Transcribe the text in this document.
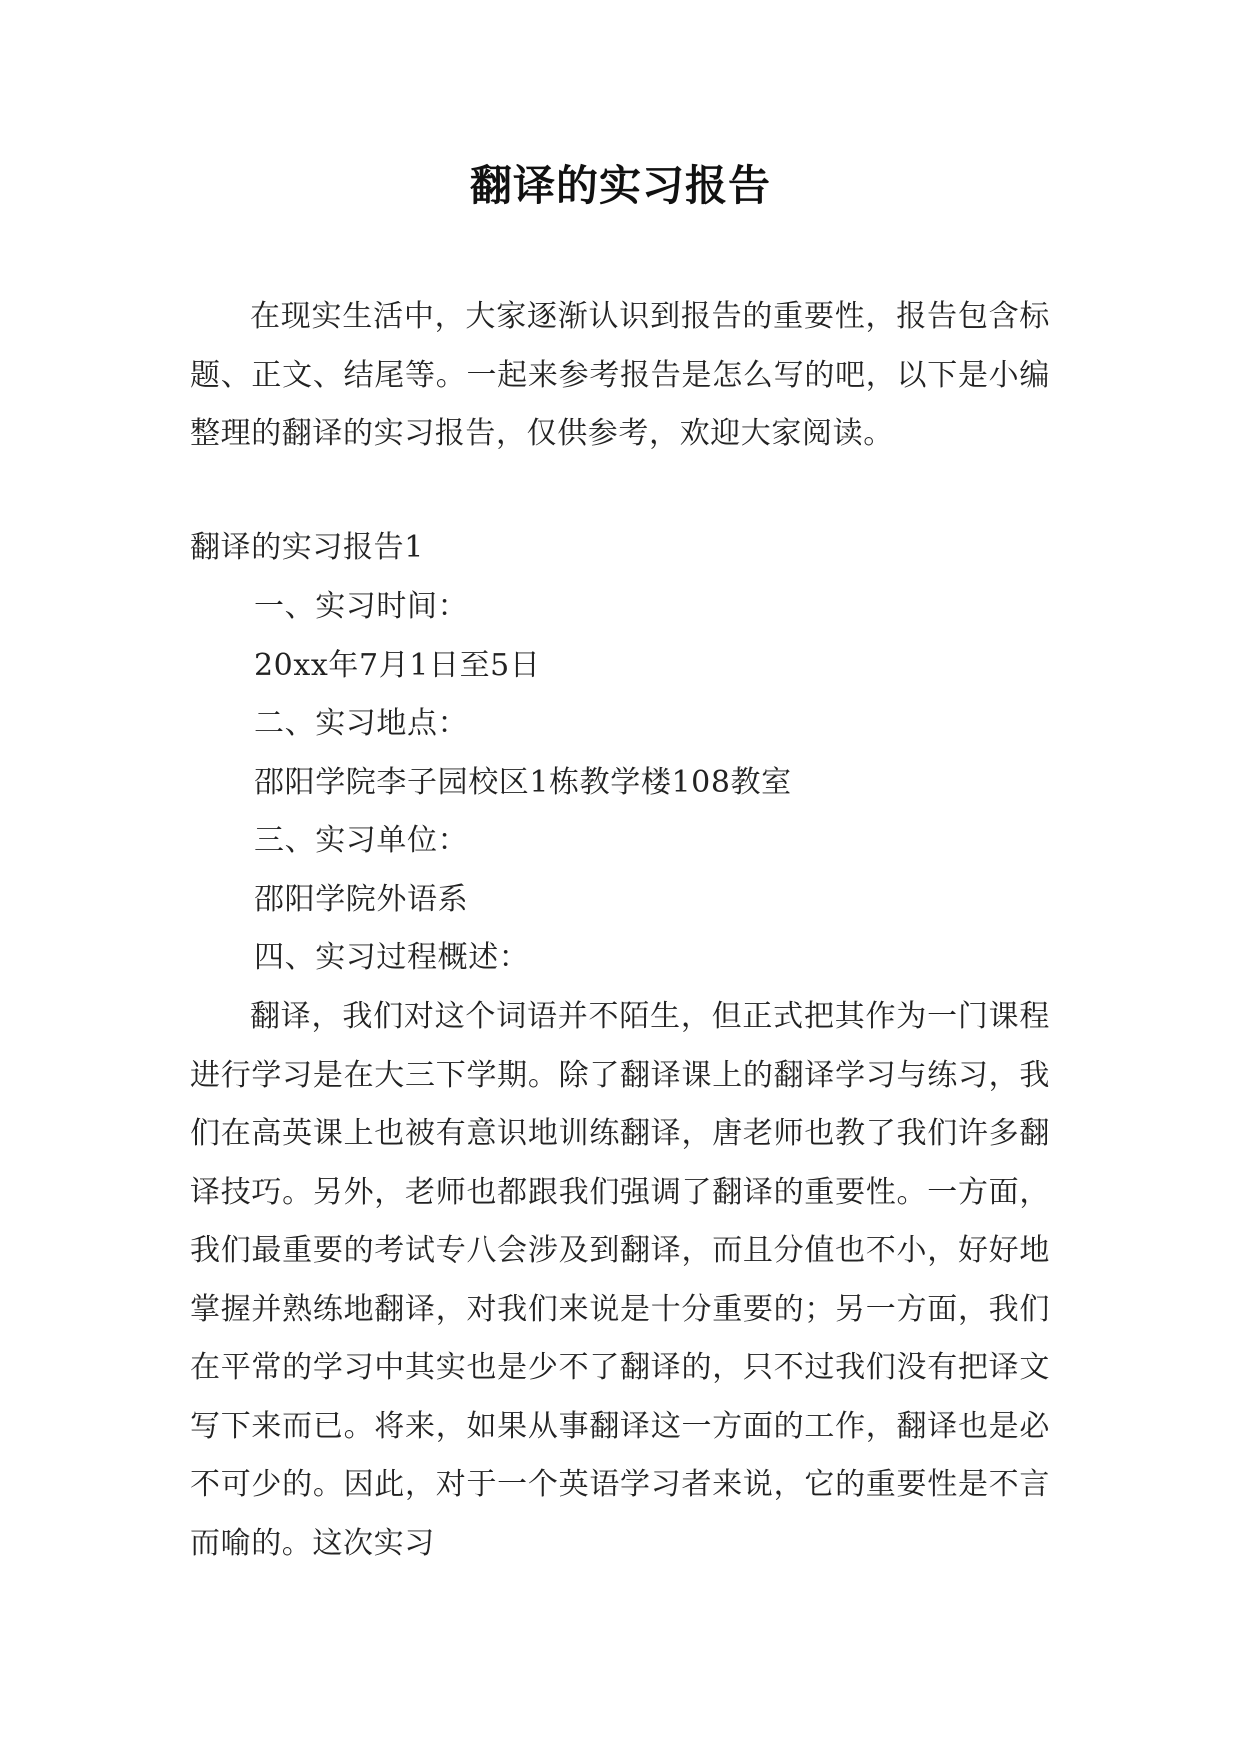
翻译的实习报告

在现实生活中，大家逐渐认识到报告的重要性，报告包含标题、正文、结尾等。一起来参考报告是怎么写的吧，以下是小编整理的翻译的实习报告，仅供参考，欢迎大家阅读。

翻译的实习报告1

一、实习时间：

20xx年7月1日至5日

二、实习地点：

邵阳学院李子园校区1栋教学楼108教室

三、实习单位：

邵阳学院外语系

四、实习过程概述：

翻译，我们对这个词语并不陌生，但正式把其作为一门课程进行学习是在大三下学期。除了翻译课上的翻译学习与练习，我们在高英课上也被有意识地训练翻译，唐老师也教了我们许多翻译技巧。另外，老师也都跟我们强调了翻译的重要性。一方面，我们最重要的考试专八会涉及到翻译，而且分值也不小，好好地掌握并熟练地翻译，对我们来说是十分重要的；另一方面，我们在平常的学习中其实也是少不了翻译的，只不过我们没有把译文写下来而已。将来，如果从事翻译这一方面的工作，翻译也是必不可少的。因此，对于一个英语学习者来说，它的重要性是不言而喻的。这次实习
